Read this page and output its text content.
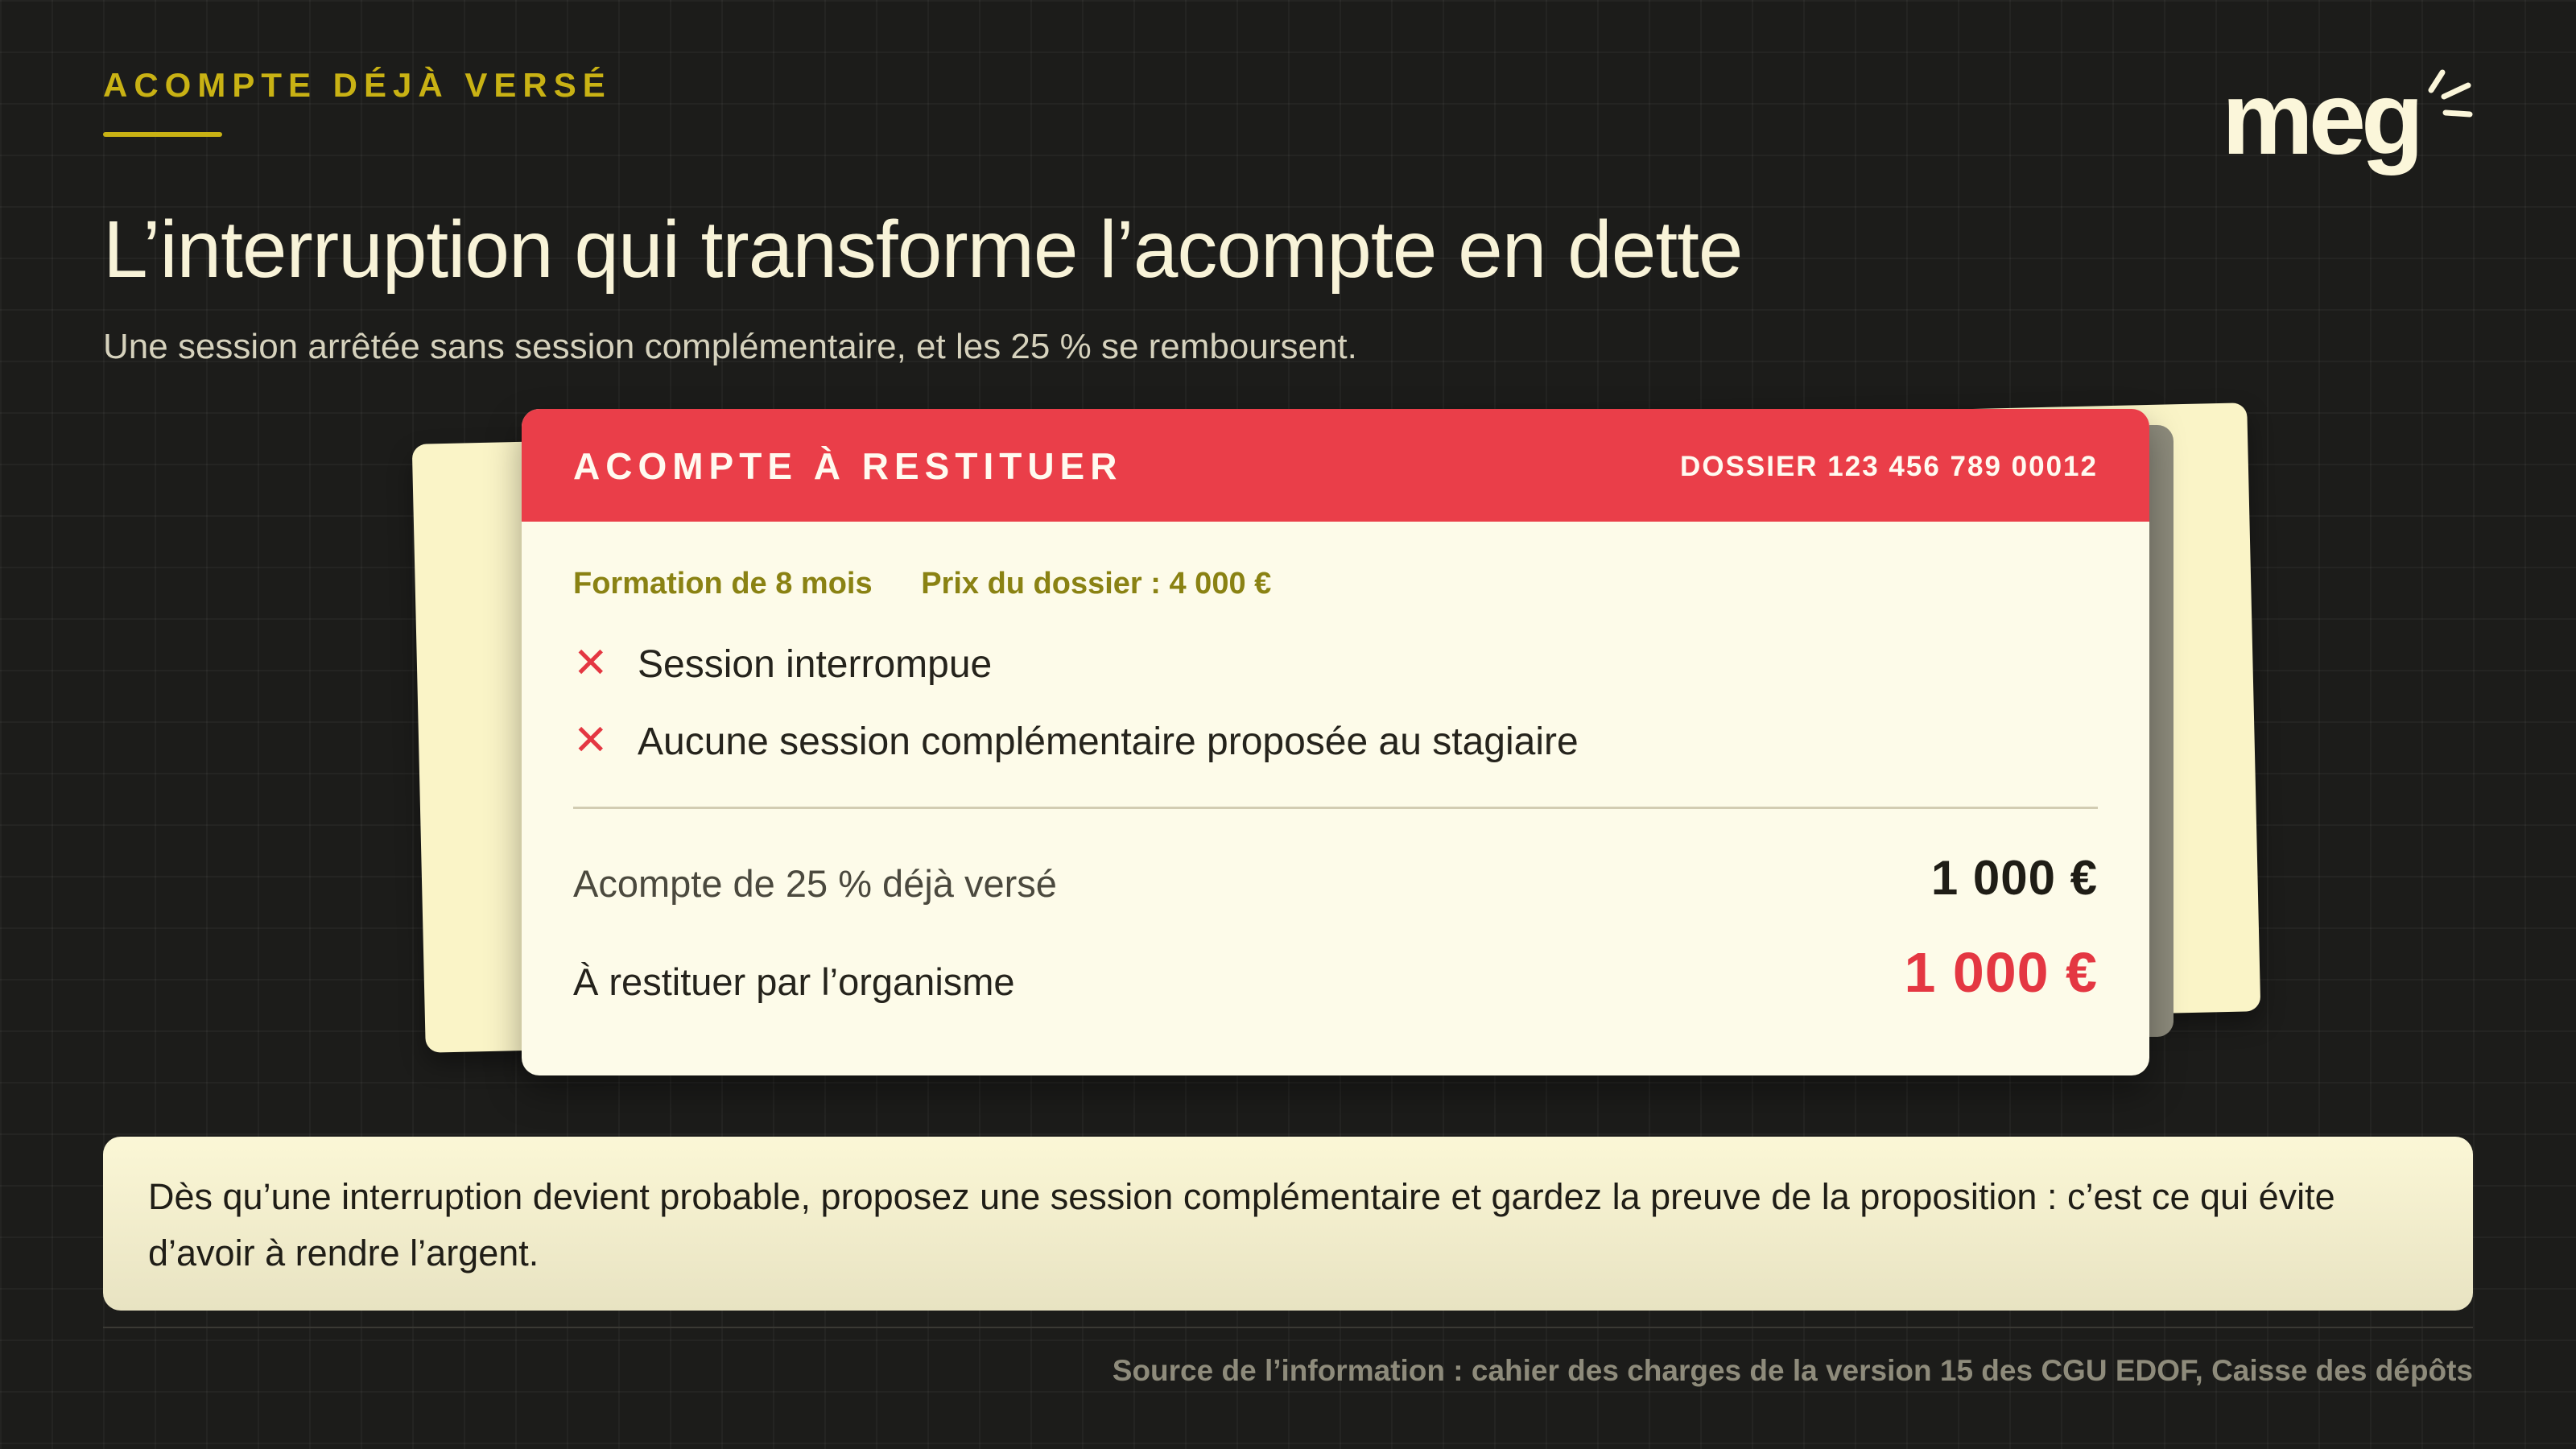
ACOMPTE DÉJÀ VERSÉ	meg
L’interruption qui transforme l’acompte en dette
Une session arrêtée sans session complémentaire, et les 25 % se remboursent.
ACOMPTE À RESTITUER	DOSSIER 123 456 789 00012
Formation de 8 mois Prix du dossier : 4 000 €
✕ Session interrompue
✕ Aucune session complémentaire proposée au stagiaire
Acompte de 25 % déjà versé	1 000 €
À restituer par l’organisme	1 000 €
Dès qu’une interruption devient probable, proposez une session complémentaire et gardez la preuve de la proposition : c’est ce qui évite d’avoir à rendre l’argent.
Source de l’information : cahier des charges de la version 15 des CGU EDOF, Caisse des dépôts
